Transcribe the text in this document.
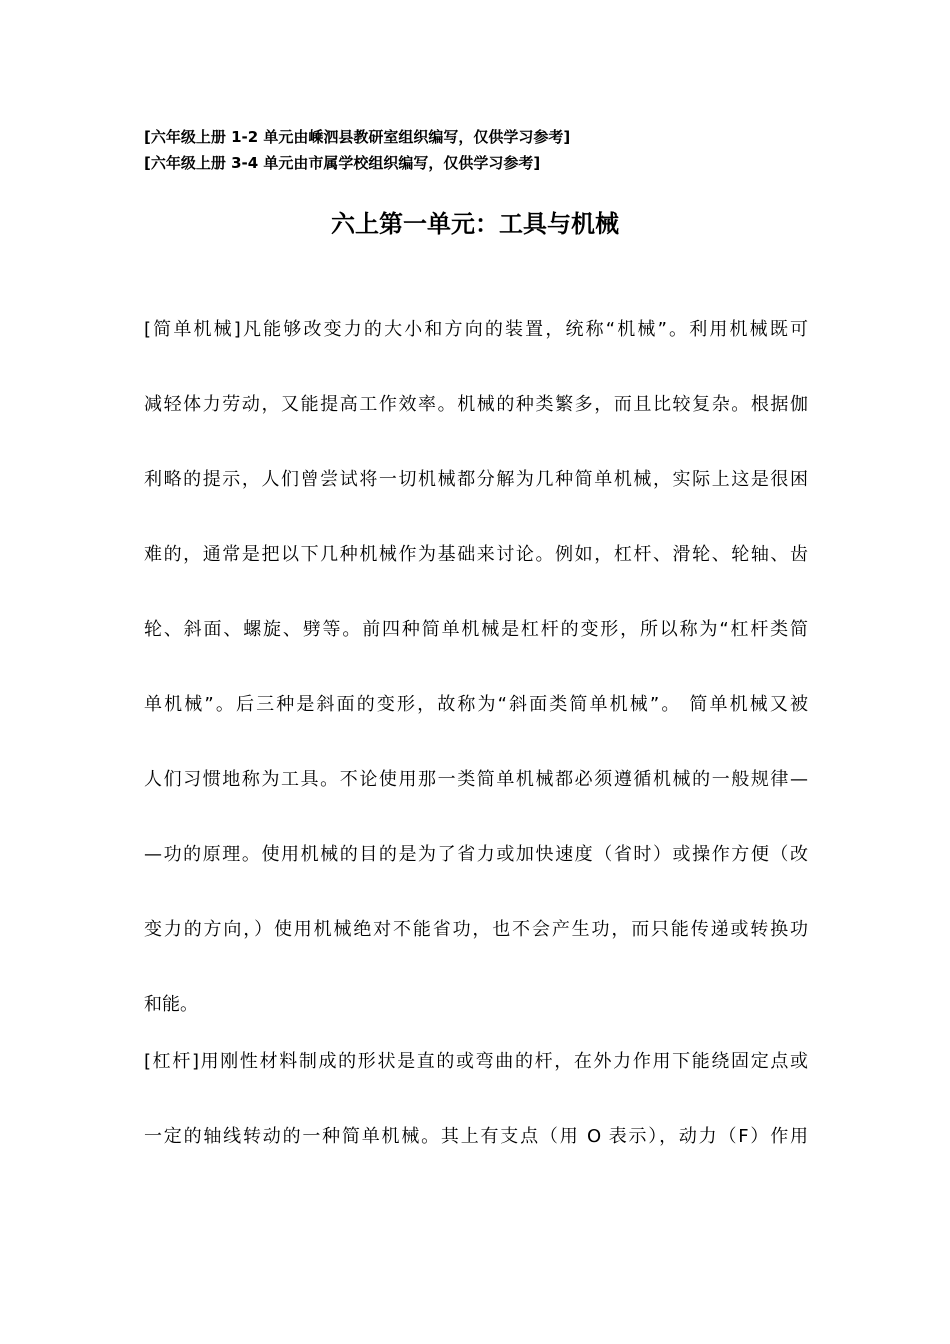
[六年级上册 1-2 单元由嵊泗县教研室组织编写，仅供学习参考]
[六年级上册 3-4 单元由市属学校组织编写，仅供学习参考]
六上第一单元：工具与机械
[简单机械]凡能够改变力的大小和方向的装置，统称“机械”。利用机械既可
减轻体力劳动，又能提高工作效率。机械的种类繁多，而且比较复杂。根据伽
利略的提示，人们曾尝试将一切机械都分解为几种简单机械，实际上这是很困
难的，通常是把以下几种机械作为基础来讨论。例如，杠杆、滑轮、轮轴、齿
轮、斜面、螺旋、劈等。前四种简单机械是杠杆的变形，所以称为“杠杆类简
单机械”。后三种是斜面的变形，故称为“斜面类简单机械”。 简单机械又被
人们习惯地称为工具。不论使用那一类简单机械都必须遵循机械的一般规律—
—功的原理。使用机械的目的是为了省力或加快速度（省时）或操作方便（改
变力的方向，）使用机械绝对不能省功，也不会产生功，而只能传递或转换功
和能。
[杠杆]用刚性材料制成的形状是直的或弯曲的杆，在外力作用下能绕固定点或
一定的轴线转动的一种简单机械。其上有支点（用 O 表示），动力（F）作用
